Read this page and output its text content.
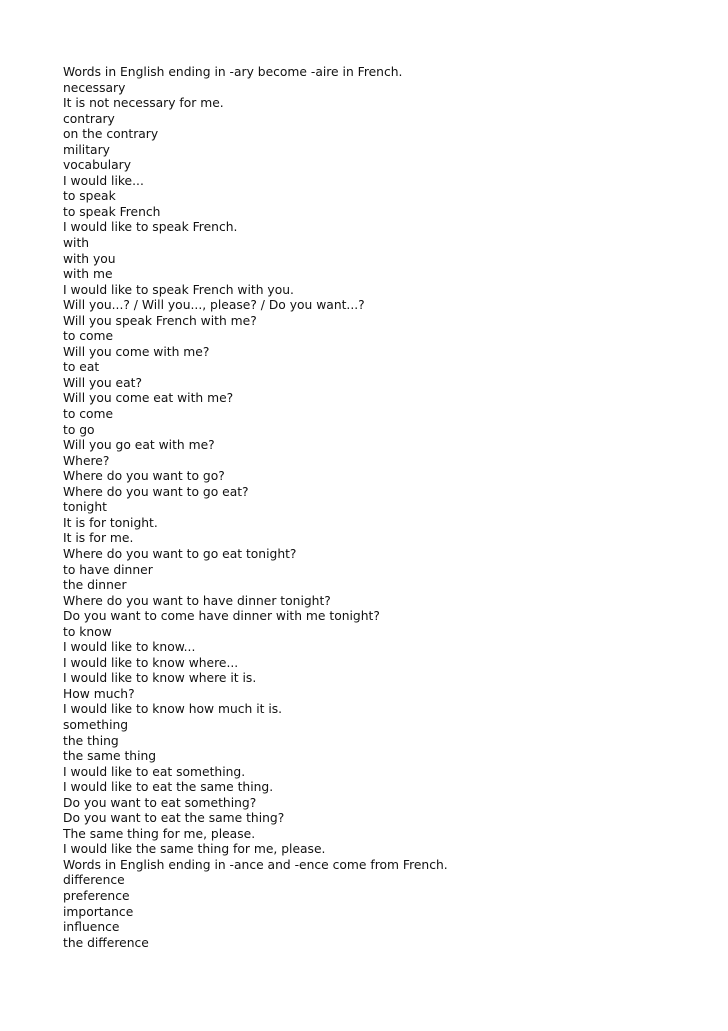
Words in English ending in -ary become -aire in French.
necessary
It is not necessary for me.
contrary
on the contrary
military
vocabulary
I would like...
to speak
to speak French
I would like to speak French.
with
with you
with me
I would like to speak French with you.
Will you...? / Will you..., please? / Do you want...?
Will you speak French with me?
to come
Will you come with me?
to eat
Will you eat?
Will you come eat with me?
to come
to go
Will you go eat with me?
Where?
Where do you want to go?
Where do you want to go eat?
tonight
It is for tonight.
It is for me.
Where do you want to go eat tonight?
to have dinner
the dinner
Where do you want to have dinner tonight?
Do you want to come have dinner with me tonight?
to know
I would like to know...
I would like to know where...
I would like to know where it is.
How much?
I would like to know how much it is.
something
the thing
the same thing
I would like to eat something.
I would like to eat the same thing.
Do you want to eat something?
Do you want to eat the same thing?
The same thing for me, please.
I would like the same thing for me, please.
Words in English ending in -ance and -ence come from French.
difference
preference
importance
influence
the difference
